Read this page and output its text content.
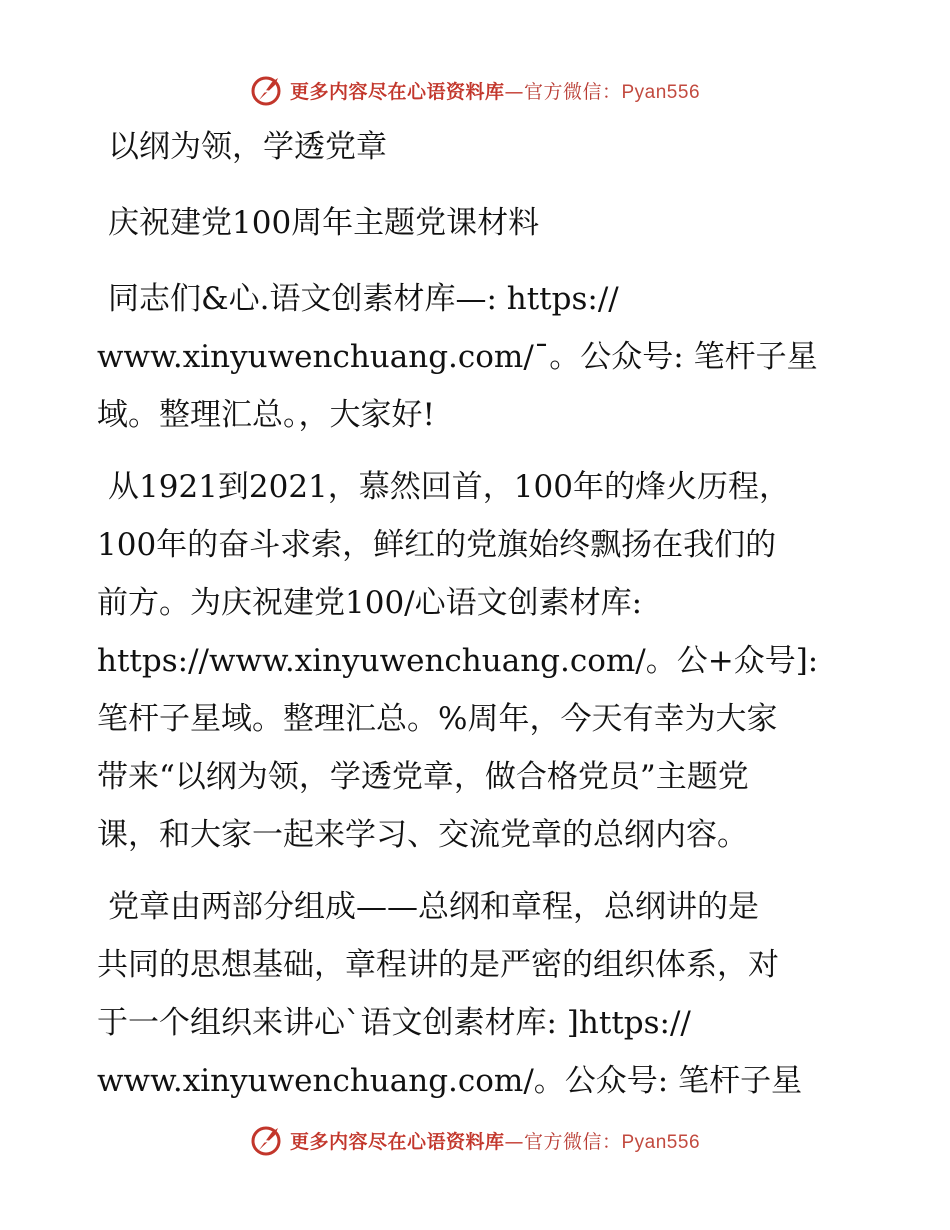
更多内容尽在心语资料库—官方微信：Pyan556

以纲为领，学透党章

庆祝建党100周年主题党课材料

同志们&心.语文创素材库—: https://
www.xinyuwenchuang.com/¯。公众号: 笔杆子星
域。整理汇总。，大家好!

从1921到2021，慕然回首，100年的烽火历程，
100年的奋斗求索，鲜红的党旗始终飘扬在我们的
前方。为庆祝建党100/心语文创素材库:
https://www.xinyuwenchuang.com/。公+众号]:
笔杆子星域。整理汇总。%周年，今天有幸为大家
带来“以纲为领，学透党章，做合格党员”主题党
课，和大家一起来学习、交流党章的总纲内容。

党章由两部分组成——总纲和章程，总纲讲的是
共同的思想基础，章程讲的是严密的组织体系，对
于一个组织来讲心`语文创素材库: ]https://
www.xinyuwenchuang.com/。公众号: 笔杆子星

更多内容尽在心语资料库—官方微信：Pyan556
